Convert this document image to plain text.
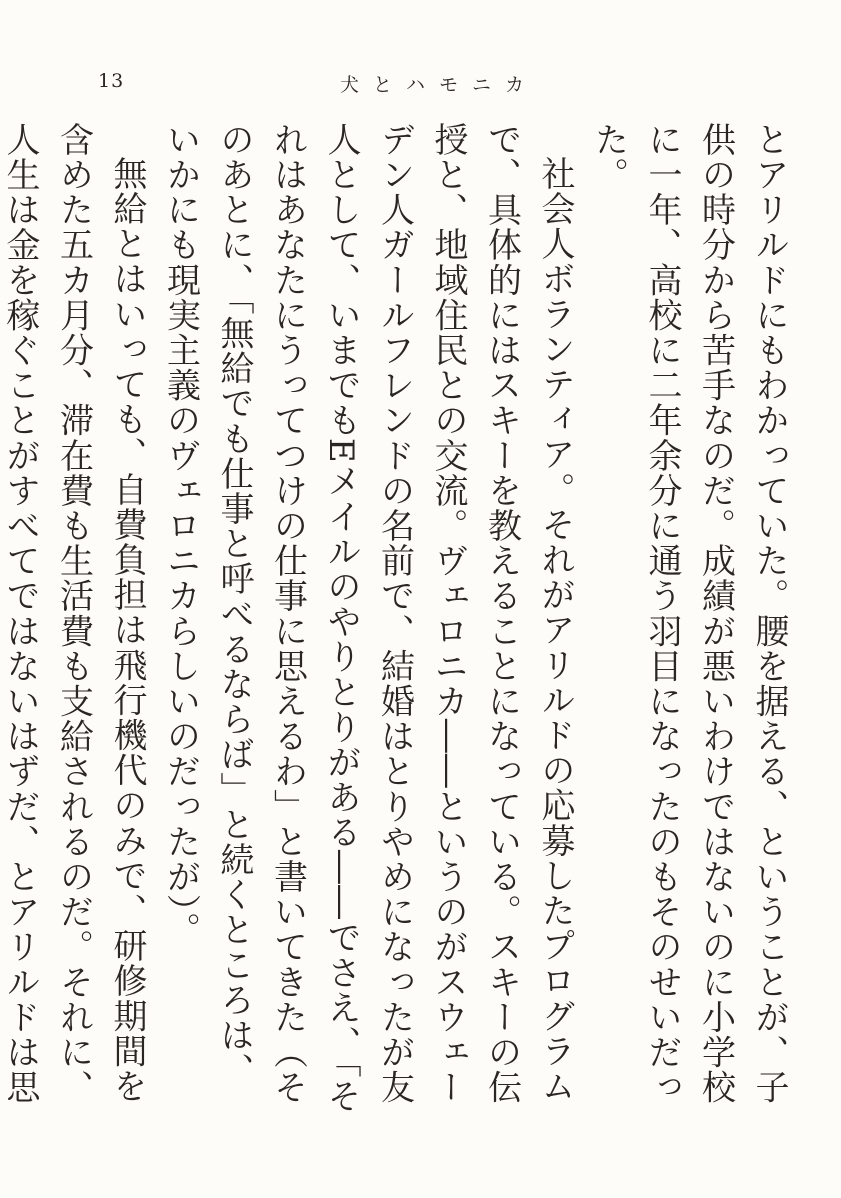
13	犬とハモニカ

とアリルドにもわかっていた。腰を据える、ということが、子供の時分から苦手なのだ。成績が悪いわけではないのに小学校に一年、高校に二年余分に通う羽目になったのもそのせいだった。

社会人ボランティア。それがアリルドの応募したプログラムで、具体的にはスキーを教えることになっている。スキーの伝授と、地域住民との交流。ヴェロニカ――というのがスウェーデン人ガールフレンドの名前で、結婚はとりやめになったが友人として、いまでもEメイルのやりとりがある――でさえ、「それはあなたにうってつけの仕事に思えるわ」と書いてきた（そのあとに、「無給でも仕事と呼べるならば」と続くところは、いかにも現実主義のヴェロニカらしいのだったが）。

無給とはいっても、自費負担は飛行機代のみで、研修期間を含めた五カ月分、滞在費も生活費も支給されるのだ。それに、人生は金を稼ぐことがすべてではないはずだ、とアリルドは思
